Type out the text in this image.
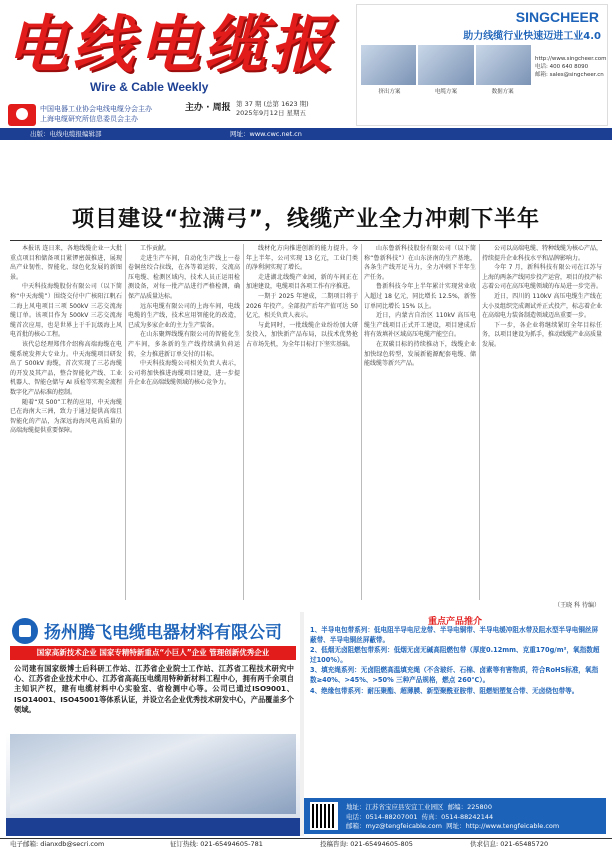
电线电缆报
Wire & Cable Weekly
中国电器工业协会电线电缆分会主办
上海电缆研究所信息委员会主办
主办 · 周报 第 37 期 (总第 1623 期)
2025年9月12日 星期五
出版：电线电缆报编辑部	网址：www.cwc.net.cn
SINGCHEER
助力线缆行业快速迈进工业4.0
挤出方案	电缆方案	数据方案
http://www.singcheer.com
电话: 400 640 8090
邮箱: sales@singcheer.cn
项目建设“拉满弓”，线缆产业全力冲刺下半年

本报讯 连日来，各地线缆企业一大批重点项目和储备项目紧锣密鼓推进，展现出产业韧性、智能化、绿色化发展的新图景。

中天科技海缆股份有限公司（以下简称“中天海缆”）围绕交付中广核阳江帆石二海上风电项目三项 500kV 三芯交流海缆订单。该项目作为 500kV 三芯交流海缆首次应用，也是世界上于千瓦级海上风电首批的核心工程。

该代总经理郑伟介绍称高端海缆在电缆系统发挥大专业力。中天海缆项目研发出了 500kV 海缆，首次实现了三芯海缆的开发及其产品，整合智能化产线、工业机器人、智能仓储与 AI 质检等实现全流程数字化产品标准的控制。

随着“双 500”工程的应用，中天海缆已在海南大三洲，致力于通过提供高端且智能化的产品，为深远海海风电高质量的高端海缆提供重要保障。

工作贡献。

走进生产车间，自动化生产线上一卷卷铜丝绞合拉线，在各等着运转，交流高压电缆、检测区域内，技术人员正运用检测设备，对每一批产品进行严格检测，确保产品质量达标。

远东电缆有限公司的上海车间，电线电缆的生产线，技术应用智能化的改造，已成为多家企业的主力生产装备。

在山东聚辉线缆有限公司的智能化生产车间，多条新的生产线持续满负荷运转，全力推进新订单交付的目标。

中天科技海缆公司相关负责人表示，公司将加快推进海缆项目建设，进一步提升企业在高端线缆领域的核心竞争力。

线材化方向推进创新的能力提升。今年上半年，公司实现 13 亿元，工业门类的净利润实现了增长。

走进湖北线缆产业园，新的车间正在加速建设，电缆项目各项工作有序推进。

一期于 2025 年建成，二期项目将于 2026 年投产。全部投产后年产值可达 50 亿元，相关负责人表示。

与此同时，一批线缆企业纷纷加大研发投入，加快新产品布局，以技术优势抢占市场先机，为全年目标打下坚实基础。

山东鲁新科技股份有限公司（以下简称“鲁新科技”）在山东济南的生产基地，各条生产线开足马力，全力冲刺下半年生产任务。

鲁新科技今年上半年累计实现营业收入超过 18 亿元，同比增长 12.5%，新签订单同比增长 15% 以上。

近日，内蒙古自治区 110kV 高压电缆生产线项目正式开工建设，项目建成后将有效填补区域高压电缆产能空白。

在双碳目标的持续推动下，线缆企业加快绿色转型，发展新能源配套电缆、储能线缆等新兴产品。

公司以高端电缆、特种线缆为核心产品，持续提升企业科技水平和品牌影响力。

今年 7 月，新科科技有限公司在江苏与上海的两条产线同步投产运营，项目的投产标志着公司在高压电缆领域的布局进一步完善。

近日，四川的 110kV 高压电缆生产线在大小及组织完成调试并正式投产，标志着企业在高端电力装备制造领域迈出重要一步。

下一步，各企业将继续紧盯全年目标任务，以项目建设为抓手，推动线缆产业高质量发展。

（王晓 科 待编）
扬州腾飞电缆电器材料有限公司
国家高新技术企业 国家专精特新重点“小巨人”企业 管理创新优秀企业
公司建有国家级博士后科研工作站、江苏省企业院士工作站、江苏省工程技术研究中心、江苏省企业技术中心、江苏省高高压电缆用特种新材料工程中心，拥有两千余项自主知识产权，建有电缆材料中心实验室、省检测中心等。公司已通过ISO9001、ISO14001、ISO45001等体系认证，并设立名企业优秀技术研发中心，产品覆盖多个领域。
重点产品推介
1、半导电包带系列：低电阻半导电尼龙带、半导电铜带、半导电缓冲阻水带及阻水型半导电铜丝屏蔽带、半导电铜丝屏蔽带。
2、低烟无卤阻燃包带系列：低烟无卤无碱高阻燃包带（厚度0.12mm、克重170g/m²，氧指数超过100%）。
3、填充绳系列：无卤阻燃高温填充绳（不含玻纤、石棉、卤素等有害物质，符合RoHS标准，氧指数≥40%、>45%、>50% 三种产品规格，燃点 260℃）。
4、绝缘包带系列：耐压聚酯、超薄膜、新型聚酰亚胺带、阻燃铝塑复合带、无卤绕包带等。
地址：江苏省宝应县安宜工业园区 邮编：225800
电话：0514-88207001 传真：0514-88242144
邮箱：myz@tengfeicable.com 网址：http://www.tengfeicable.com
电子邮箱: dianxdb@secri.com	征订热线: 021-65494605-781	投稿咨询: 021-65494605-805	供求信息: 021-65485720
